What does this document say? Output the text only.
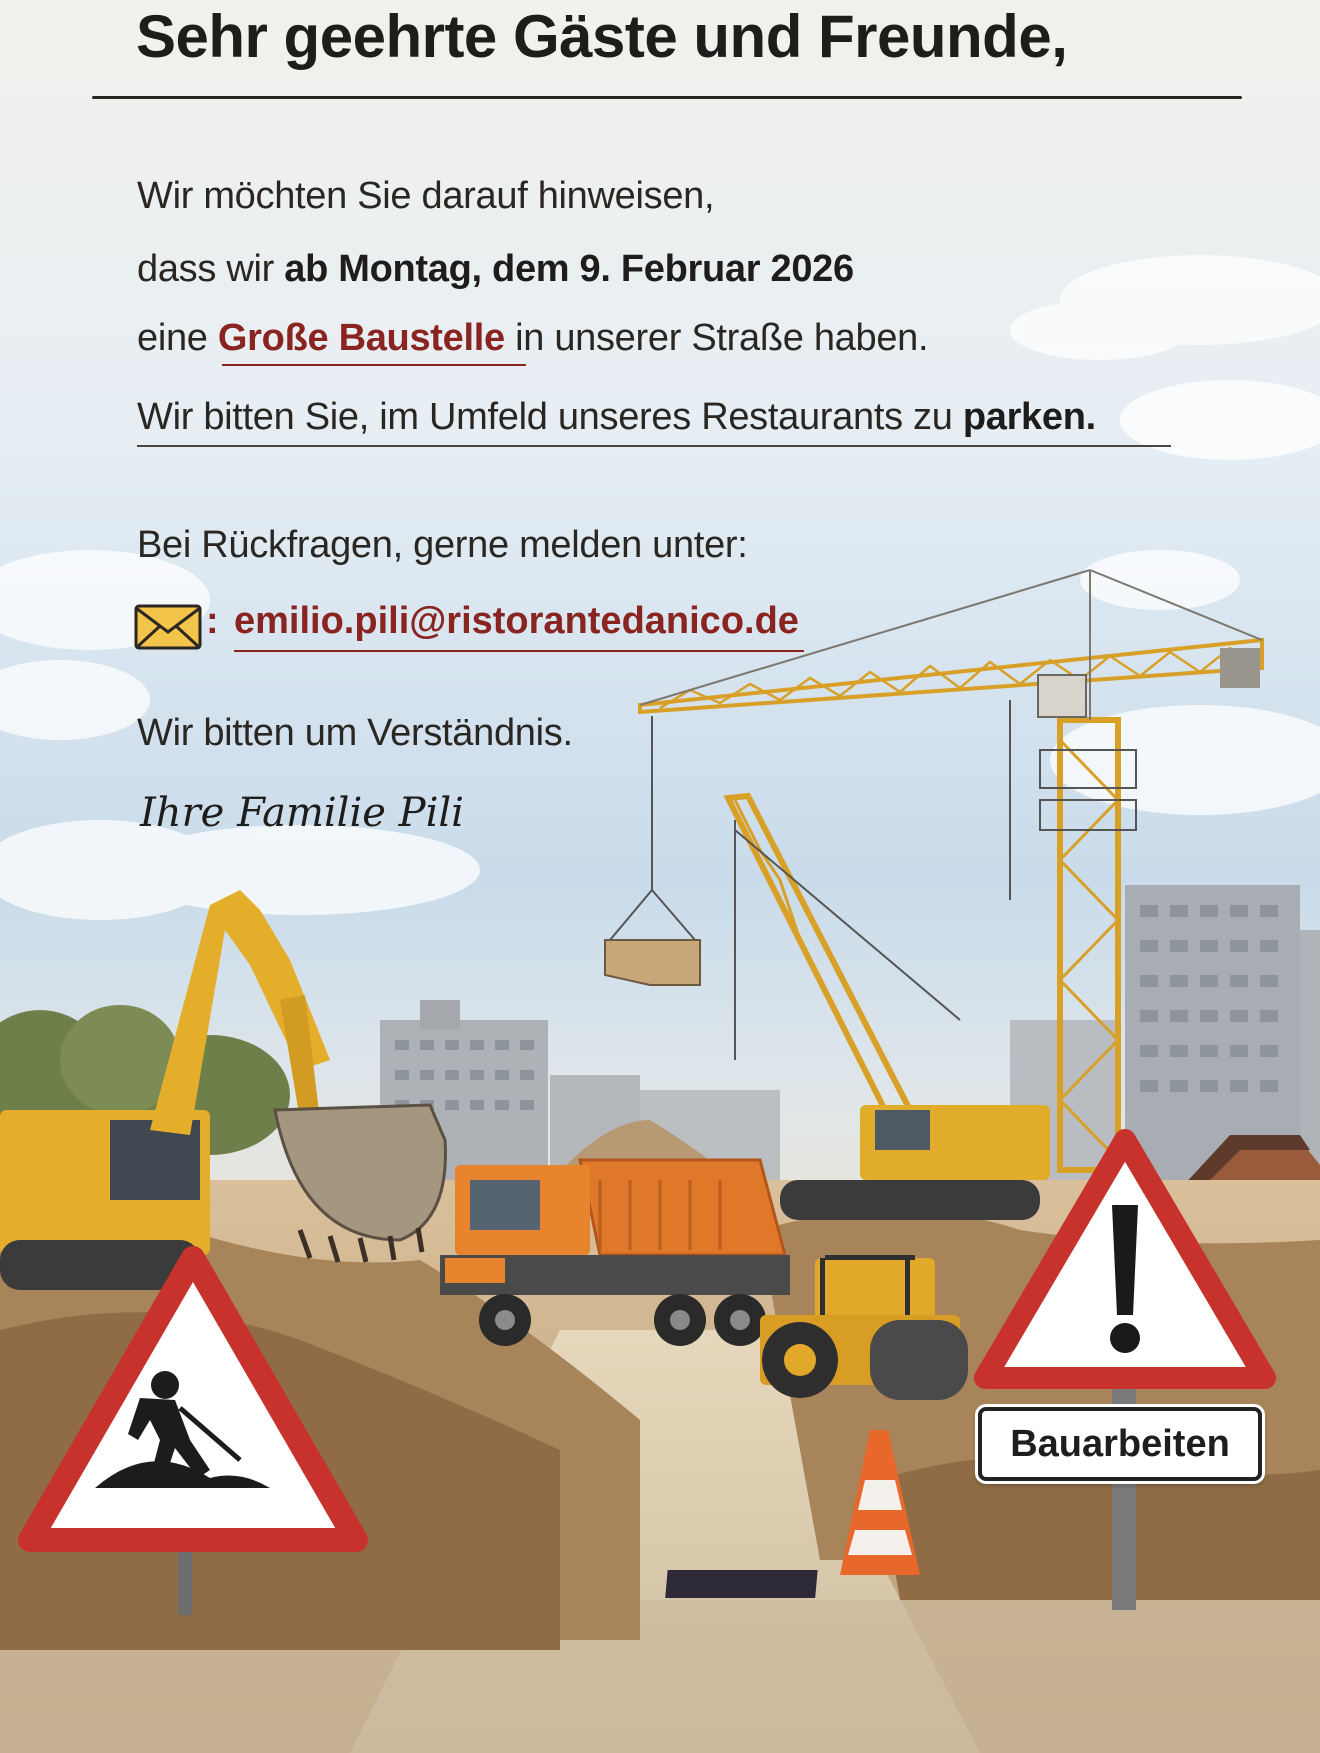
Sehr geehrte Gäste und Freunde,
Wir möchten Sie darauf hinweisen,
dass wir ab Montag, dem 9. Februar 2026
eine Große Baustelle in unserer Straße haben.
Wir bitten Sie, im Umfeld unseres Restaurants zu parken.
Bei Rückfragen, gerne melden unter:
: emilio.pili@ristorantedanico.de
Wir bitten um Verständnis.
Ihre Familie Pili
Bauarbeiten
